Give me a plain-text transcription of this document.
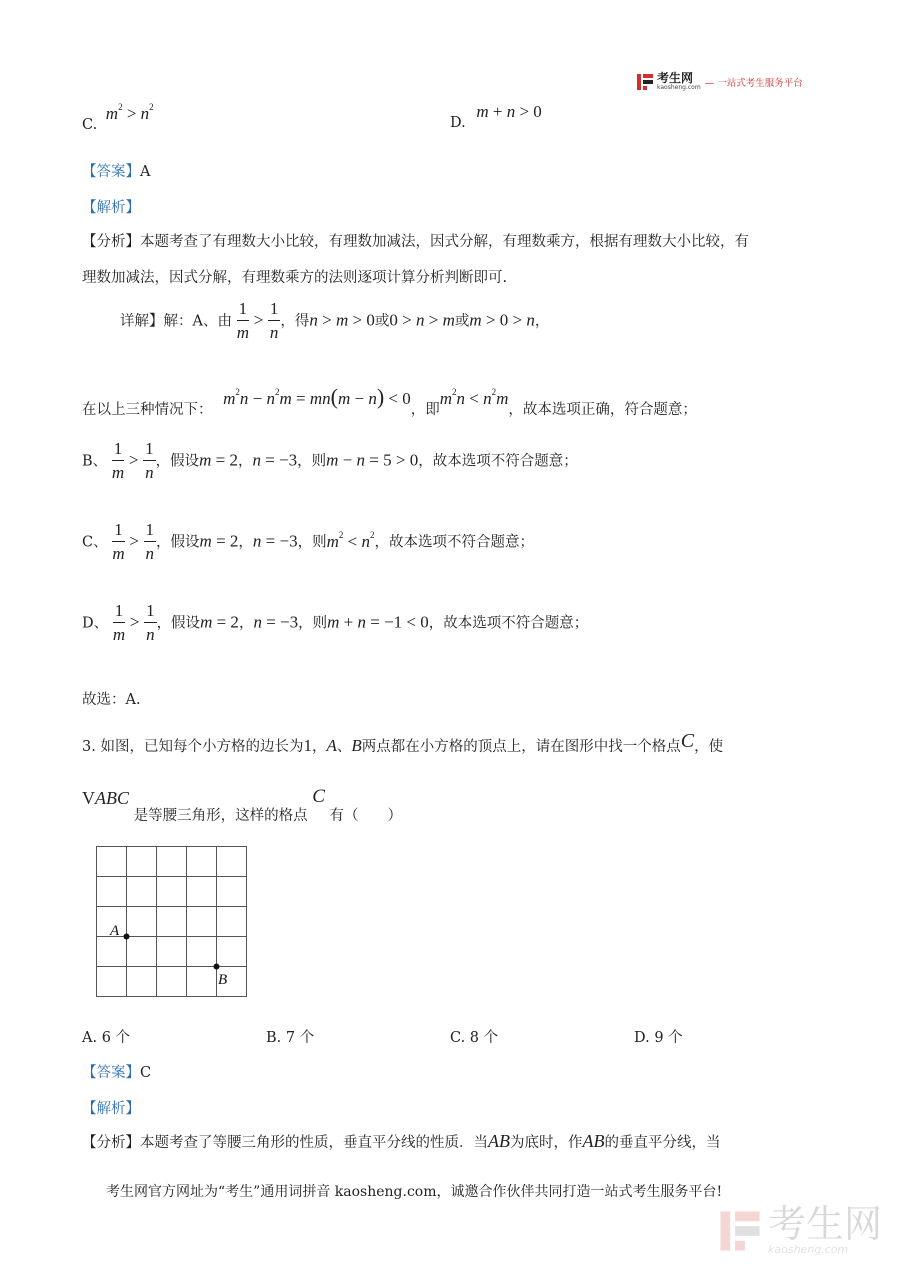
考生网
kaosheng.com — 一站式考生服务平台
C. $m^2 > n^2$
D. m + n > 0
【答案】A
【解析】
【分析】本题考查了有理数大小比较，有理数加减法，因式分解，有理数乘方，根据有理数大小比较，有
理数加减法，因式分解，有理数乘方的法则逐项计算分析判断即可.
详解】解：A、由 $\frac{1}{m} > \frac{1}{n}$ ，得n > m > 0或0 > n > m或m > 0 > n，
在以上三种情况下： $m^2n - n^2m = mn(m - n) < 0$，即$m^2n < n^2m$，故本选项正确，符合题意；
B、 $\frac{1}{m} > \frac{1}{n}$ ，假设m = 2，n = −3，则m − n = 5 > 0，故本选项不符合题意；
C、 $\frac{1}{m} > \frac{1}{n}$ ，假设m = 2，n = −3，则$m^2 < n^2$，故本选项不符合题意；
D、 $\frac{1}{m} > \frac{1}{n}$ ，假设m = 2，n = −3，则m + n = −1 < 0，故本选项不符合题意；
故选：A.
3. 如图，已知每个小方格的边长为1，A、B两点都在小方格的顶点上，请在图形中找一个格点C，使
VABC 是等腰三角形，这样的格点 C 有（　　）
A
B
A. 6 个	B. 7 个	C. 8 个	D. 9 个
【答案】C
【解析】
【分析】本题考查了等腰三角形的性质，垂直平分线的性质．当AB为底时，作AB的垂直平分线，当
考生网官方网址为“考生”通用词拼音 kaosheng.com，诚邀合作伙伴共同打造一站式考生服务平台!
考生网
kaosheng.com
